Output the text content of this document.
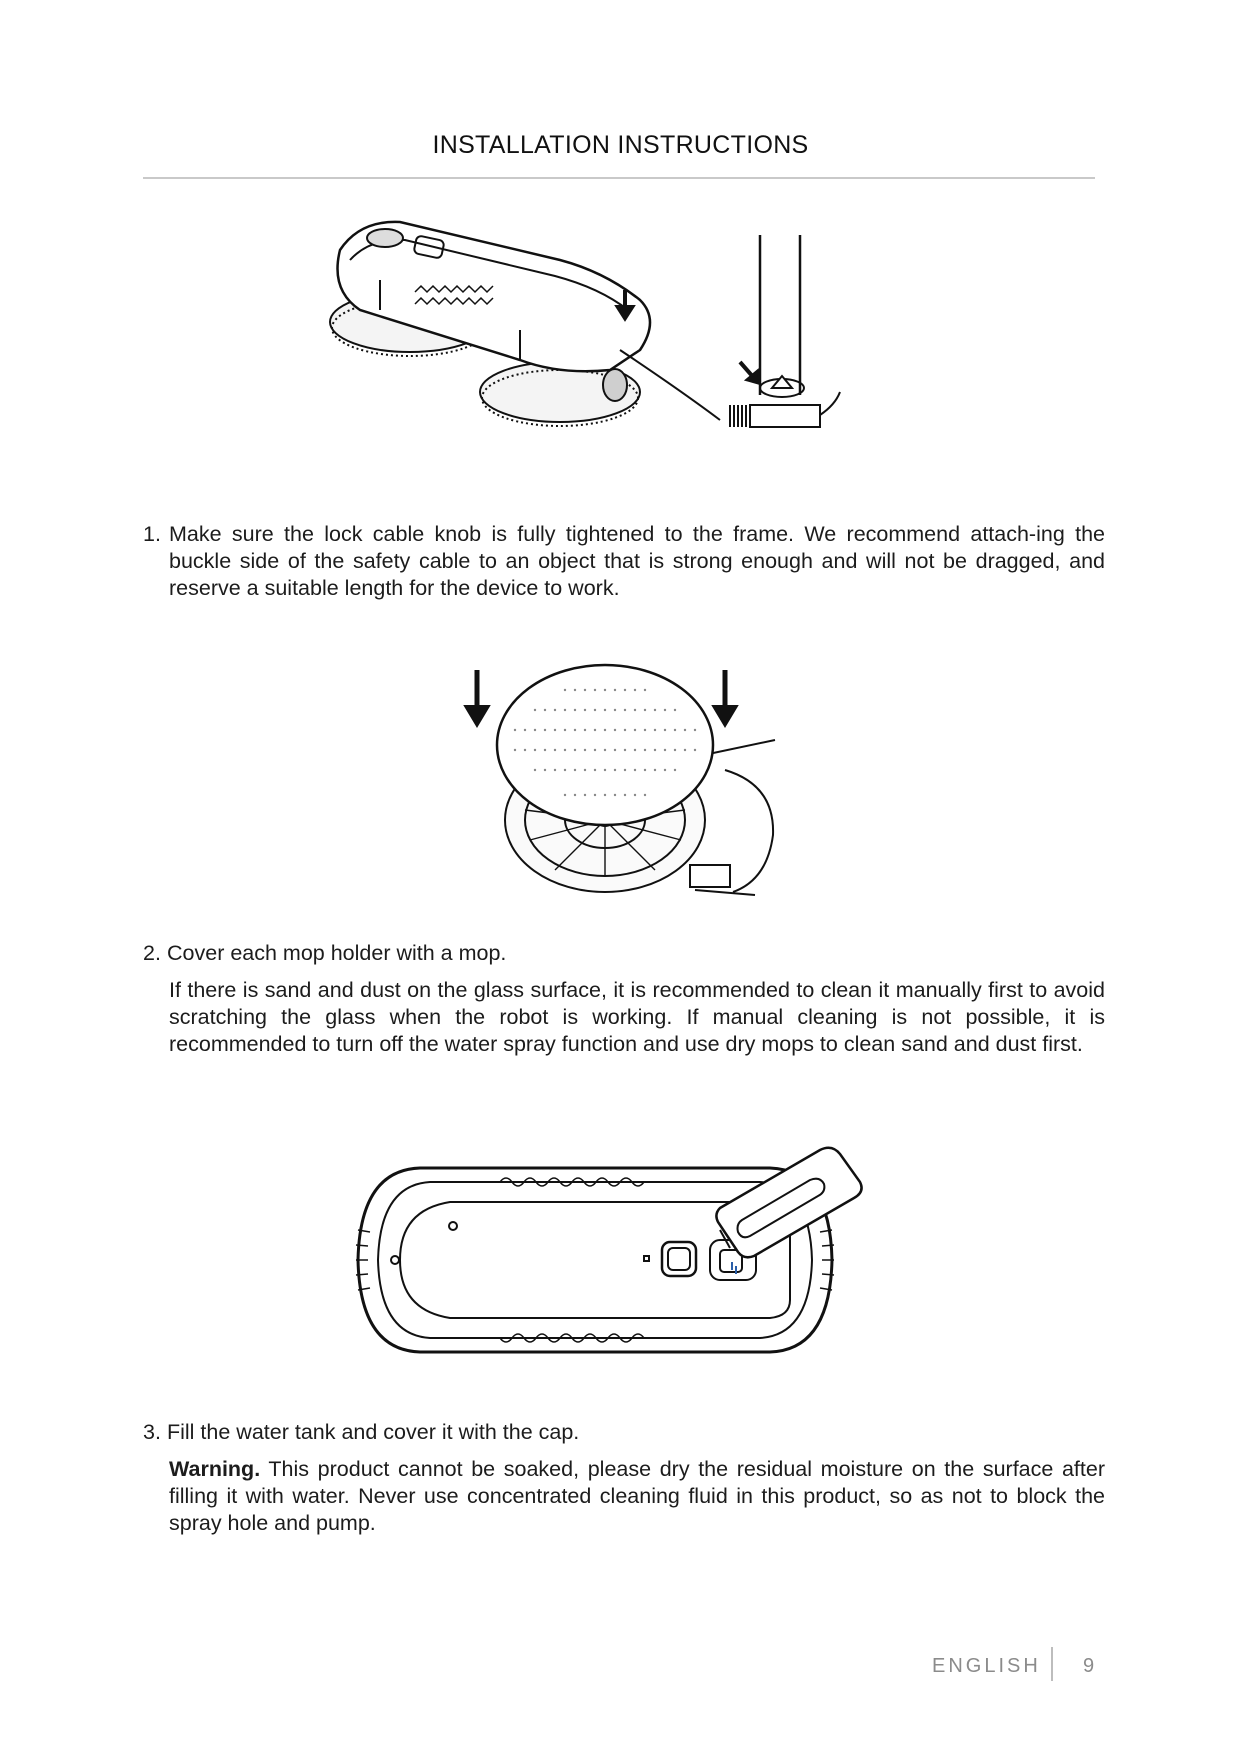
INSTALLATION INSTRUCTIONS
1. Make sure the lock cable knob is fully tightened to the frame. We recommend attach-ing the buckle side of the safety cable to an object that is strong enough and will not be dragged, and reserve a suitable length for the device to work.
2. Cover each mop holder with a mop.
If there is sand and dust on the glass surface, it is recommended to clean it manually first to avoid scratching the glass when the robot is working. If manual cleaning is not possible, it is recommended to turn off the water spray function and use dry mops to clean sand and dust first.
3. Fill the water tank and cover it with the cap.
Warning. This product cannot be soaked, please dry the residual moisture on the surface after filling it with water. Never use concentrated cleaning fluid in this product, so as not to block the spray hole and pump.
ENGLISH 9
